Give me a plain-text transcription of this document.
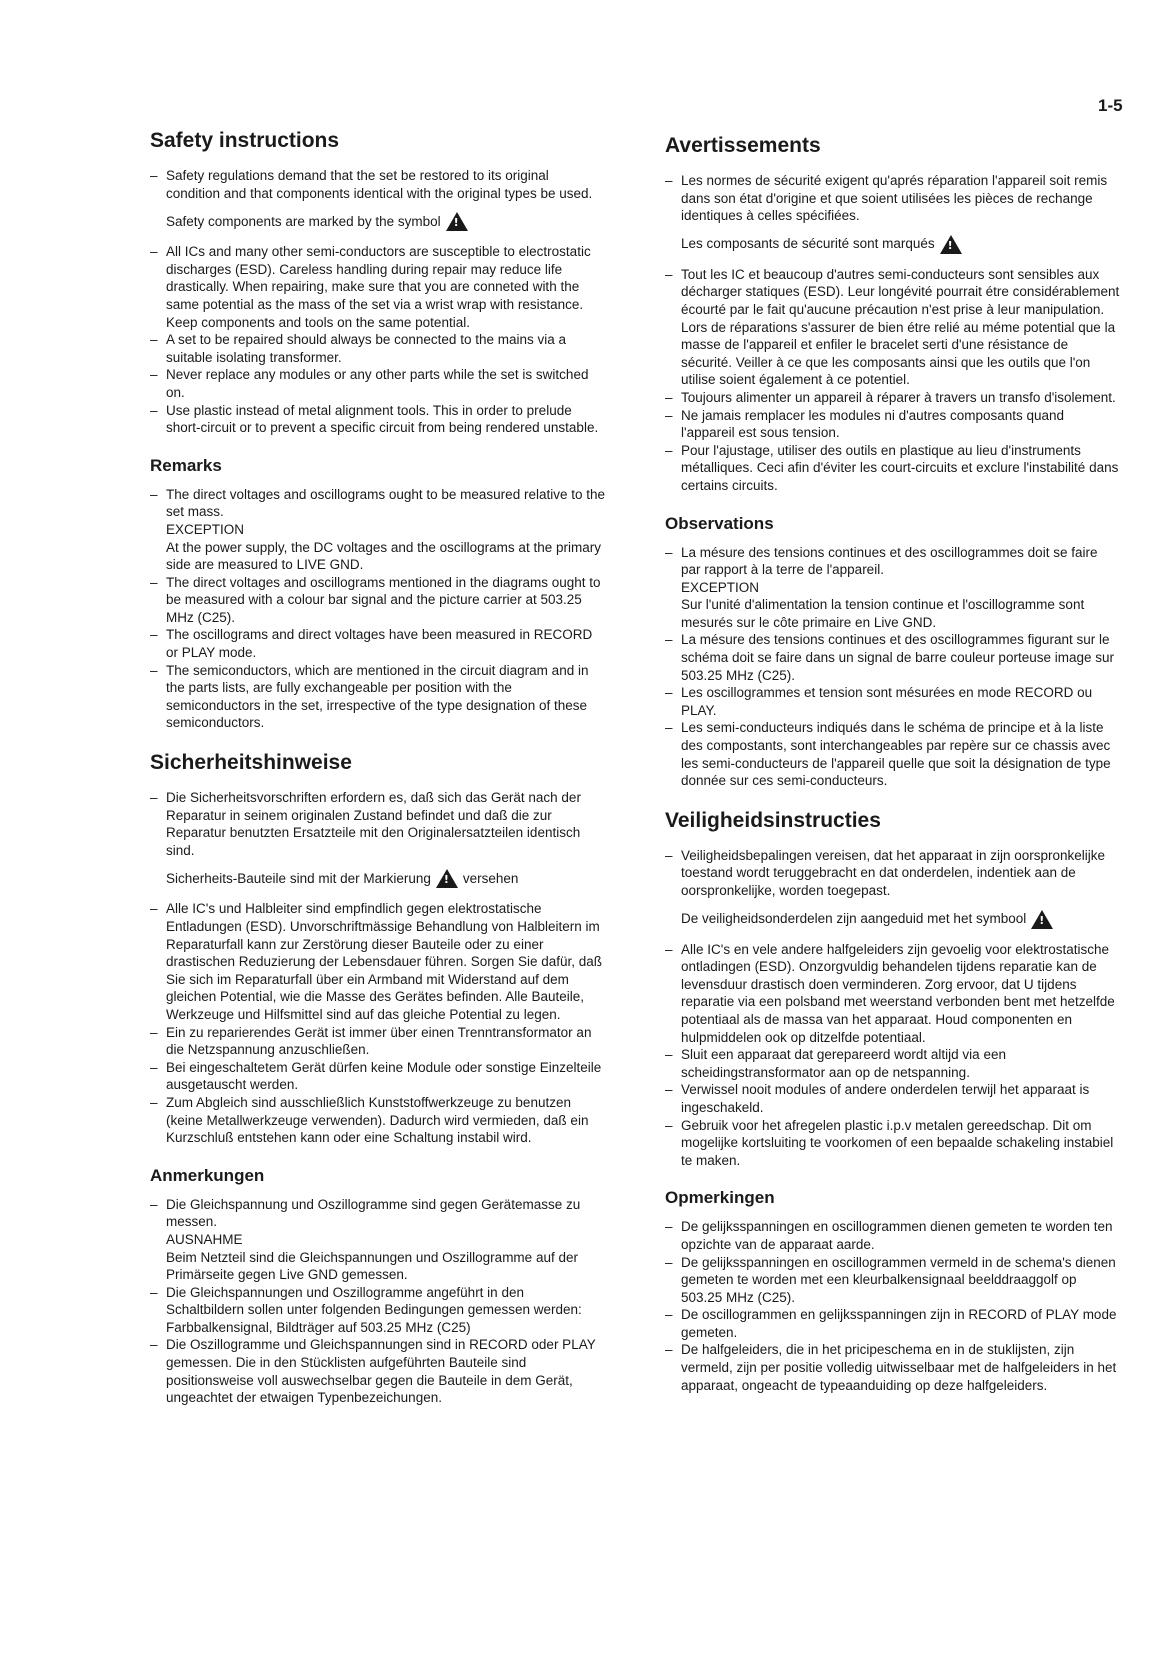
1-5
Safety instructions

– Safety regulations demand that the set be restored to its original condition and that components identical with the original types be used.

Safety components are marked by the symbol
!

– All ICs and many other semi-conductors are susceptible to electrostatic discharges (ESD). Careless handling during repair may reduce life drastically. When repairing, make sure that you are conneted with the same potential as the mass of the set via a wrist wrap with resistance. Keep components and tools on the same potential.

– A set to be repaired should always be connected to the mains via a suitable isolating transformer.

– Never replace any modules or any other parts while the set is switched on.

– Use plastic instead of metal alignment tools. This in order to prelude short-circuit or to prevent a specific circuit from being rendered unstable.

Remarks
– The direct voltages and oscillograms ought to be measured relative to the set mass.
EXCEPTION
At the power supply, the DC voltages and the oscillograms at the primary side are measured to LIVE GND.

– The direct voltages and oscillograms mentioned in the diagrams ought to be measured with a colour bar signal and the picture carrier at 503.25 MHz (C25).

– The oscillograms and direct voltages have been measured in RECORD or PLAY mode.

– The semiconductors, which are mentioned in the circuit diagram and in the parts lists, are fully exchangeable per position with the semiconductors in the set, irrespective of the type designation of these semiconductors.

Sicherheitshinweise

– Die Sicherheitsvorschriften erfordern es, daß sich das Gerät nach der Reparatur in seinem originalen Zustand befindet und daß die zur Reparatur benutzten Ersatzteile mit den Originalersatzteilen identisch sind.

Sicherheits-Bauteile sind mit der Markierung
! versehen

– Alle IC's und Halbleiter sind empfindlich gegen elektrostatische Entladungen (ESD). Unvorschriftmässige Behandlung von Halbleitern im Reparaturfall kann zur Zerstörung dieser Bauteile oder zu einer drastischen Reduzierung der Lebensdauer führen. Sorgen Sie dafür, daß Sie sich im Reparaturfall über ein Armband mit Widerstand auf dem gleichen Potential, wie die Masse des Gerätes befinden. Alle Bauteile, Werkzeuge und Hilfsmittel sind auf das gleiche Potential zu legen.

– Ein zu reparierendes Gerät ist immer über einen Trenntransformator an die Netzspannung anzuschließen.

– Bei eingeschaltetem Gerät dürfen keine Module oder sonstige Einzelteile ausgetauscht werden.

– Zum Abgleich sind ausschließlich Kunststoffwerkzeuge zu benutzen (keine Metallwerkzeuge verwenden). Dadurch wird vermieden, daß ein Kurzschluß entstehen kann oder eine Schaltung instabil wird.

Anmerkungen
– Die Gleichspannung und Oszillogramme sind gegen Gerätemasse zu messen.
AUSNAHME
Beim Netzteil sind die Gleichspannungen und Oszillogramme auf der Primärseite gegen Live GND gemessen.

– Die Gleichspannungen und Oszillogramme angeführt in den Schaltbildern sollen unter folgenden Bedingungen gemessen werden: Farbbalkensignal, Bildträger auf 503.25 MHz (C25)

– Die Oszillogramme und Gleichspannungen sind in RECORD oder PLAY gemessen. Die in den Stücklisten aufgeführten Bauteile sind positionsweise voll auswechselbar gegen die Bauteile in dem Gerät, ungeachtet der etwaigen Typenbezeichungen.

Avertissements

– Les normes de sécurité exigent qu'aprés réparation l'appareil soit remis dans son état d'origine et que soient utilisées les pièces de rechange identiques à celles spécifiées.

Les composants de sécurité sont marqués
!

– Tout les IC et beaucoup d'autres semi-conducteurs sont sensibles aux décharger statiques (ESD). Leur longévité pourrait étre considérablement écourté par le fait qu'aucune précaution n'est prise à leur manipulation. Lors de réparations s'assurer de bien étre relié au méme potential que la masse de l'appareil et enfiler le bracelet serti d'une résistance de sécurité. Veiller à ce que les composants ainsi que les outils que l'on utilise soient également à ce potentiel.

– Toujours alimenter un appareil à réparer à travers un transfo d'isolement.

– Ne jamais remplacer les modules ni d'autres composants quand l'appareil est sous tension.

– Pour l'ajustage, utiliser des outils en plastique au lieu d'instruments métalliques. Ceci afin d'éviter les court-circuits et exclure l'instabilité dans certains circuits.

Observations
– La mésure des tensions continues et des oscillogrammes doit se faire par rapport à la terre de l'appareil.
EXCEPTION
Sur l'unité d'alimentation la tension continue et l'oscillogramme sont mesurés sur le côte primaire en Live GND.

– La mésure des tensions continues et des oscillogrammes figurant sur le schéma doit se faire dans un signal de barre couleur porteuse image sur 503.25 MHz (C25).

– Les oscillogrammes et tension sont mésurées en mode RECORD ou PLAY.

– Les semi-conducteurs indiqués dans le schéma de principe et à la liste des compostants, sont interchangeables par repère sur ce chassis avec les semi-conducteurs de l'appareil quelle que soit la désignation de type donnée sur ces semi-conducteurs.

Veiligheidsinstructies

– Veiligheidsbepalingen vereisen, dat het apparaat in zijn oorspronkelijke toestand wordt teruggebracht en dat onderdelen, indentiek aan de oorspronkelijke, worden toegepast.

De veiligheidsonderdelen zijn aangeduid met het symbool
!

– Alle IC's en vele andere halfgeleiders zijn gevoelig voor elektrostatische ontladingen (ESD). Onzorgvuldig behandelen tijdens reparatie kan de levensduur drastisch doen verminderen. Zorg ervoor, dat U tijdens reparatie via een polsband met weerstand verbonden bent met hetzelfde potentiaal als de massa van het apparaat. Houd componenten en hulpmiddelen ook op ditzelfde potentiaal.

– Sluit een apparaat dat gerepareerd wordt altijd via een scheidingstransformator aan op de netspanning.

– Verwissel nooit modules of andere onderdelen terwijl het apparaat is ingeschakeld.

– Gebruik voor het afregelen plastic i.p.v metalen gereedschap. Dit om mogelijke kortsluiting te voorkomen of een bepaalde schakeling instabiel te maken.

Opmerkingen

– De gelijksspanningen en oscillogrammen dienen gemeten te worden ten opzichte van de apparaat aarde.

– De gelijksspanningen en oscillogrammen vermeld in de schema's dienen gemeten te worden met een kleurbalkensignaal beelddraaggolf op 503.25 MHz (C25).

– De oscillogrammen en gelijksspanningen zijn in RECORD of PLAY mode gemeten.

– De halfgeleiders, die in het pricipeschema en in de stuklijsten, zijn vermeld, zijn per positie volledig uitwisselbaar met de halfgeleiders in het apparaat, ongeacht de typeaanduiding op deze halfgeleiders.
